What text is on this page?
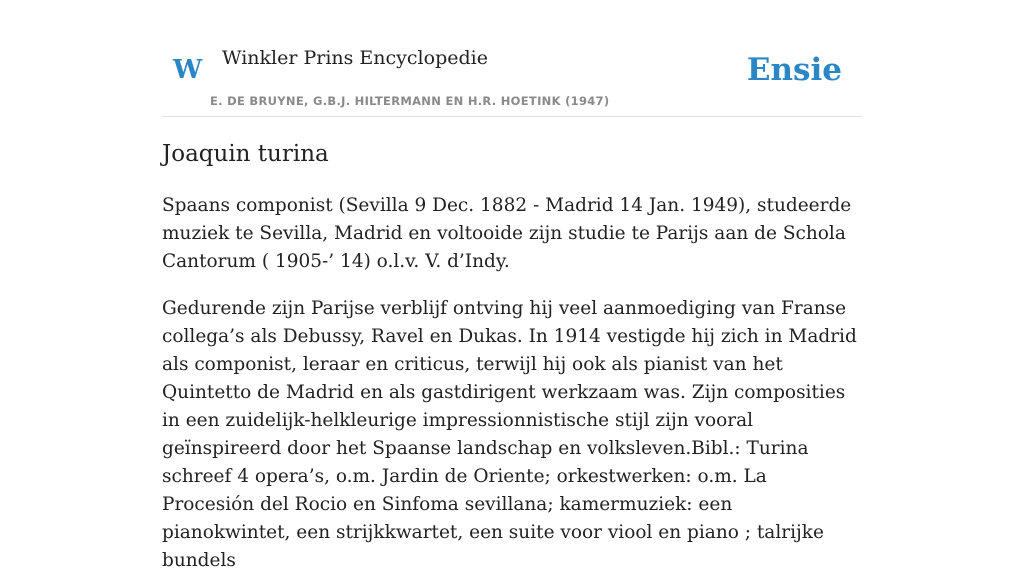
W Winkler Prins Encyclopedie
E. DE BRUYNE, G.B.J. HILTERMANN EN H.R. HOETINK (1947)
Ensie
Joaquin turina

Spaans componist (Sevilla 9 Dec. 1882 - Madrid 14 Jan. 1949), studeerde muziek te Sevilla, Madrid en voltooide zijn studie te Parijs aan de Schola Cantorum ( 1905-’ 14) o.l.v. V. d’Indy.

Gedurende zijn Parijse verblijf ontving hij veel aanmoediging van Franse collega’s als Debussy, Ravel en Dukas. In 1914 vestigde hij zich in Madrid als componist, leraar en criticus, terwijl hij ook als pianist van het Quintetto de Madrid en als gastdirigent werkzaam was. Zijn composities in een zuidelijk-helkleurige impressionnistische stijl zijn vooral geïnspireerd door het Spaanse landschap en volksleven.Bibl.: Turina schreef 4 opera’s, o.m. Jardin de Oriente; orkestwerken: o.m. La Procesión del Rocio en Sinfoma sevillana; kamermuziek: een pianokwintet, een strijkkwartet, een suite voor viool en piano ; talrijke bundels
